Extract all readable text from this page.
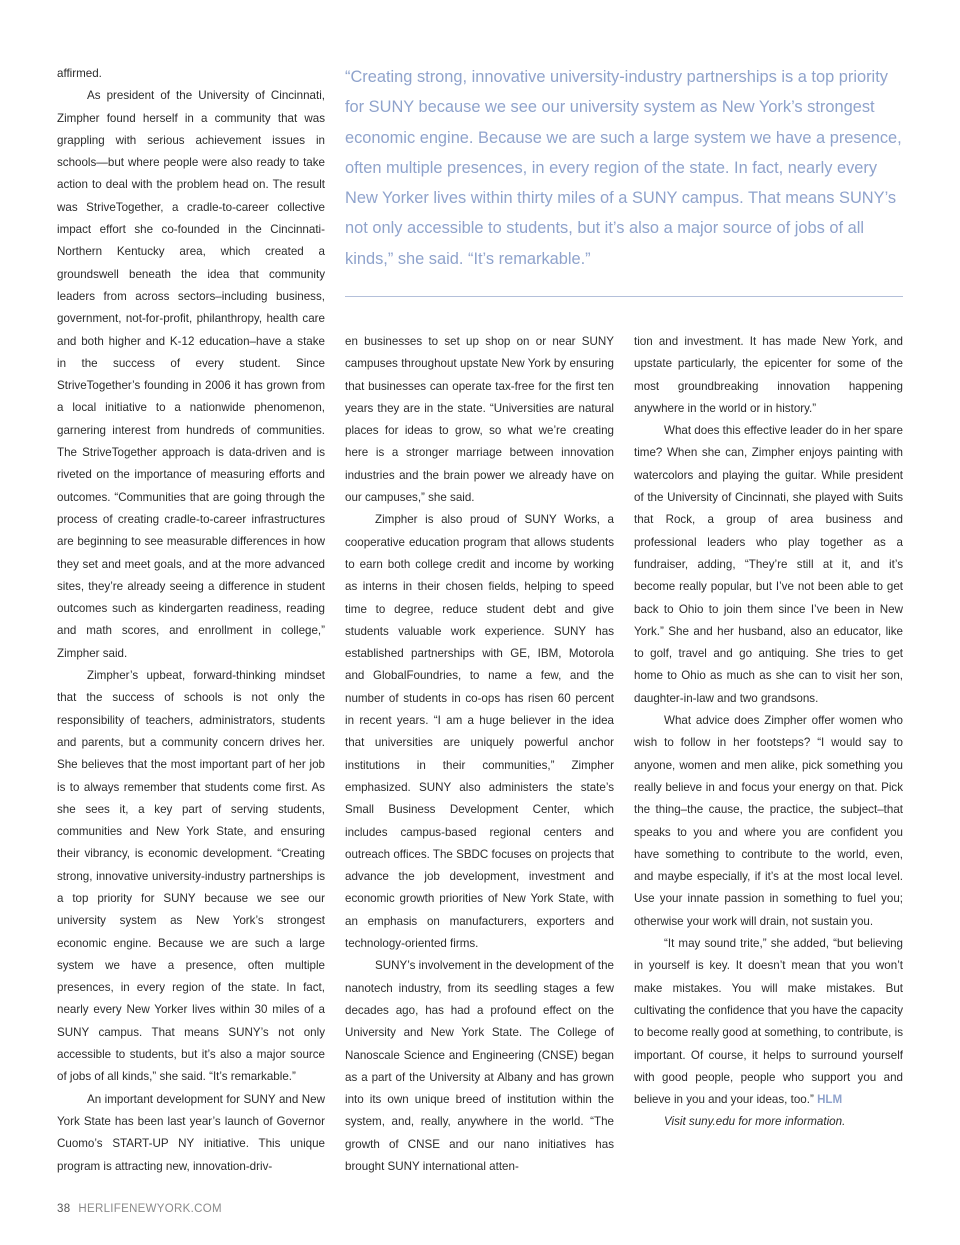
affirmed.

As president of the University of Cincinnati, Zimpher found herself in a community that was grappling with serious achievement issues in schools—but where people were also ready to take action to deal with the problem head on. The result was StriveTogether, a cradle-to-career collective impact effort she co-founded in the Cincinnati-Northern Kentucky area, which created a groundswell beneath the idea that community leaders from across sectors–including business, government, not-for-profit, philanthropy, health care and both higher and K-12 education–have a stake in the success of every student. Since StriveTogether’s founding in 2006 it has grown from a local initiative to a nationwide phenomenon, garnering interest from hundreds of communities. The StriveTogether approach is data-driven and is riveted on the importance of measuring efforts and outcomes. “Communities that are going through the process of creating cradle-to-career infrastructures are beginning to see measurable differences in how they set and meet goals, and at the more advanced sites, they’re already seeing a difference in student outcomes such as kindergarten readiness, reading and math scores, and enrollment in college,” Zimpher said.

Zimpher’s upbeat, forward-thinking mindset that the success of schools is not only the responsibility of teachers, administrators, students and parents, but a community concern drives her. She believes that the most important part of her job is to always remember that students come first. As she sees it, a key part of serving students, communities and New York State, and ensuring their vibrancy, is economic development. “Creating strong, innovative university-industry partnerships is a top priority for SUNY because we see our university system as New York’s strongest economic engine. Because we are such a large system we have a presence, often multiple presences, in every region of the state. In fact, nearly every New Yorker lives within 30 miles of a SUNY campus. That means SUNY’s not only accessible to students, but it’s also a major source of jobs of all kinds,” she said. “It’s remarkable.”

An important development for SUNY and New York State has been last year’s launch of Governor Cuomo’s START-UP NY initiative. This unique program is attracting new, innovation-driv-

“Creating strong, innovative university-industry partnerships is a top priority for SUNY because we see our university system as New York’s strongest economic engine. Because we are such a large system we have a presence, often multiple presences, in every region of the state. In fact, nearly every New Yorker lives within thirty miles of a SUNY campus. That means SUNY’s not only accessible to students, but it’s also a major source of jobs of all kinds,” she said. “It’s remarkable.”

en businesses to set up shop on or near SUNY campuses throughout upstate New York by ensuring that businesses can operate tax-free for the first ten years they are in the state. “Universities are natural places for ideas to grow, so what we’re creating here is a stronger marriage between innovation industries and the brain power we already have on our campuses,” she said.

Zimpher is also proud of SUNY Works, a cooperative education program that allows students to earn both college credit and income by working as interns in their chosen fields, helping to speed time to degree, reduce student debt and give students valuable work experience. SUNY has established partnerships with GE, IBM, Motorola and GlobalFoundries, to name a few, and the number of students in co-ops has risen 60 percent in recent years. “I am a huge believer in the idea that universities are uniquely powerful anchor institutions in their communities,” Zimpher emphasized. SUNY also administers the state’s Small Business Development Center, which includes campus-based regional centers and outreach offices. The SBDC focuses on projects that advance the job development, investment and economic growth priorities of New York State, with an emphasis on manufacturers, exporters and technology-oriented firms.

SUNY’s involvement in the development of the nanotech industry, from its seedling stages a few decades ago, has had a profound effect on the University and New York State. The College of Nanoscale Science and Engineering (CNSE) began as a part of the University at Albany and has grown into its own unique breed of institution within the system, and, really, anywhere in the world. “The growth of CNSE and our nano initiatives has brought SUNY international atten-

tion and investment. It has made New York, and upstate particularly, the epicenter for some of the most groundbreaking innovation happening anywhere in the world or in history.”

What does this effective leader do in her spare time? When she can, Zimpher enjoys painting with watercolors and playing the guitar. While president of the University of Cincinnati, she played with Suits that Rock, a group of area business and professional leaders who play together as a fundraiser, adding, “They’re still at it, and it’s become really popular, but I’ve not been able to get back to Ohio to join them since I’ve been in New York.” She and her husband, also an educator, like to golf, travel and go antiquing. She tries to get home to Ohio as much as she can to visit her son, daughter-in-law and two grandsons.

What advice does Zimpher offer women who wish to follow in her footsteps? “I would say to anyone, women and men alike, pick something you really believe in and focus your energy on that. Pick the thing–the cause, the practice, the subject–that speaks to you and where you are confident you have something to contribute to the world, even, and maybe especially, if it’s at the most local level. Use your innate passion in something to fuel you; otherwise your work will drain, not sustain you.

“It may sound trite,” she added, “but believing in yourself is key. It doesn’t mean that you won’t make mistakes. You will make mistakes. But cultivating the confidence that you have the capacity to become really good at something, to contribute, is important. Of course, it helps to surround yourself with good people, people who support you and believe in you and your ideas, too.” HLM

Visit suny.edu for more information.

38 HERLIFENEWYORK.COM
